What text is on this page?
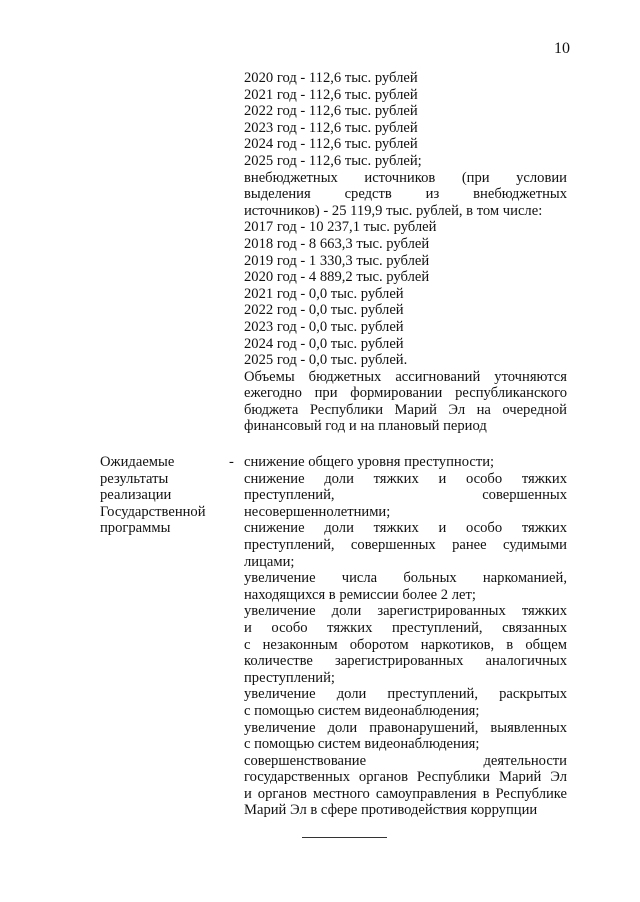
10
2020 год - 112,6 тыс. рублей
2021 год - 112,6 тыс. рублей
2022 год - 112,6 тыс. рублей
2023 год - 112,6 тыс. рублей
2024 год - 112,6 тыс. рублей
2025 год - 112,6 тыс. рублей;
внебюджетных источников (при условии
выделения средств из внебюджетных
источников) - 25 119,9 тыс. рублей, в том числе:
2017 год - 10 237,1 тыс. рублей
2018 год - 8 663,3 тыс. рублей
2019 год - 1 330,3 тыс. рублей
2020 год - 4 889,2 тыс. рублей
2021 год - 0,0 тыс. рублей
2022 год - 0,0 тыс. рублей
2023 год - 0,0 тыс. рублей
2024 год - 0,0 тыс. рублей
2025 год - 0,0 тыс. рублей.
Объемы бюджетных ассигнований уточняются
ежегодно при формировании республиканского
бюджета Республики Марий Эл на очередной
финансовый год и на плановый период
Ожидаемые
результаты
реализации
Государственной
программы
- снижение общего уровня преступности;
снижение доли тяжких и особо тяжких
преступлений, совершенных
несовершеннолетними;
снижение доли тяжких и особо тяжких
преступлений, совершенных ранее судимыми
лицами;
увеличение числа больных наркоманией,
находящихся в ремиссии более 2 лет;
увеличение доли зарегистрированных тяжких
и особо тяжких преступлений, связанных
с незаконным оборотом наркотиков, в общем
количестве зарегистрированных аналогичных
преступлений;
увеличение доли преступлений, раскрытых
с помощью систем видеонаблюдения;
увеличение доли правонарушений, выявленных
с помощью систем видеонаблюдения;
совершенствование деятельности
государственных органов Республики Марий Эл
и органов местного самоуправления в Республике
Марий Эл в сфере противодействия коррупции
